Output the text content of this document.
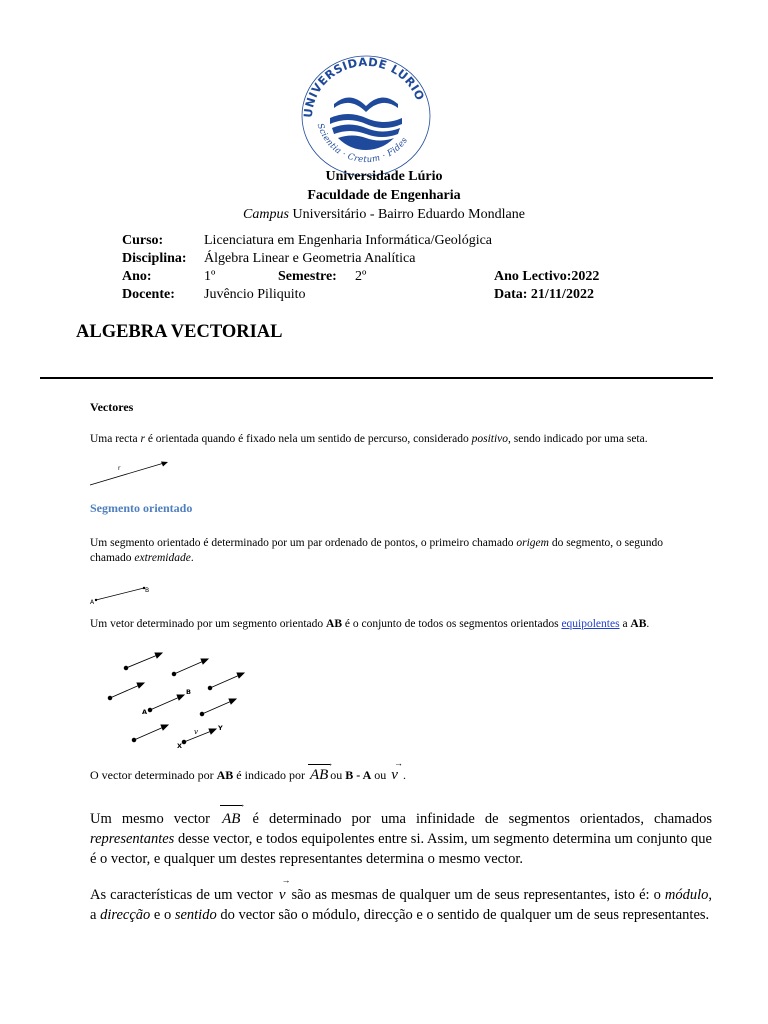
UNIVERSIDADE LÚRIO
Scientia · Cretum · Fides
Universidade Lúrio
Faculdade de Engenharia
Campus Universitário - Bairro Eduardo Mondlane
Curso:	Licenciatura em Engenharia Informática/Geológica
Disciplina: Álgebra Linear e Geometria Analítica
Ano:	1º	Semestre: 2º	Ano Lectivo:2022
Docente: Juvêncio Piliquito	Data: 21/11/2022
ALGEBRA VECTORIAL
Vectores
Uma recta r é orientada quando é fixado nela um sentido de percurso, considerado positivo, sendo indicado por uma seta.
r
Segmento orientado
Um segmento orientado é determinado por um par ordenado de pontos, o primeiro chamado origem do segmento, o segundo chamado extremidade.
A
B
Um vetor determinado por um segmento orientado AB é o conjunto de todos os segmentos orientados equipolentes a AB.
A
B
X
Y
v
O vector determinado por AB é indicado por
→
AB ou B - A ou
→
v .
Um mesmo vector
→
AB é determinado por uma infinidade de segmentos orientados, chamados representantes desse vector, e todos equipolentes entre si. Assim, um segmento determina um conjunto que é o vector, e qualquer um destes representantes determina o mesmo vector.
As características de um vector
→
v são as mesmas de qualquer um de seus representantes, isto é: o módulo, a direcção e o sentido do vector são o módulo, direcção e o sentido de qualquer um de seus representantes.
